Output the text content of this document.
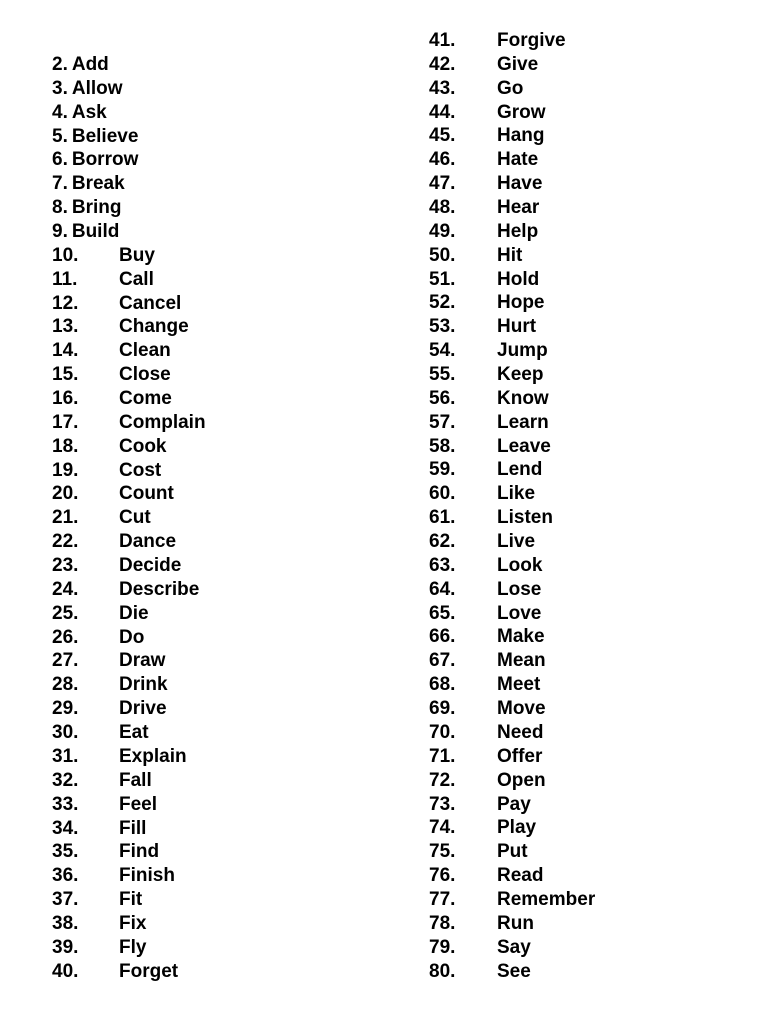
2. Add
3. Allow
4. Ask
5. Believe
6. Borrow
7. Break
8. Bring
9. Build
10. Buy
11. Call
12. Cancel
13. Change
14. Clean
15. Close
16. Come
17. Complain
18. Cook
19. Cost
20. Count
21. Cut
22. Dance
23. Decide
24. Describe
25. Die
26. Do
27. Draw
28. Drink
29. Drive
30. Eat
31. Explain
32. Fall
33. Feel
34. Fill
35. Find
36. Finish
37. Fit
38. Fix
39. Fly
40. Forget
41. Forgive
42. Give
43. Go
44. Grow
45. Hang
46. Hate
47. Have
48. Hear
49. Help
50. Hit
51. Hold
52. Hope
53. Hurt
54. Jump
55. Keep
56. Know
57. Learn
58. Leave
59. Lend
60. Like
61. Listen
62. Live
63. Look
64. Lose
65. Love
66. Make
67. Mean
68. Meet
69. Move
70. Need
71. Offer
72. Open
73. Pay
74. Play
75. Put
76. Read
77. Remember
78. Run
79. Say
80. See
